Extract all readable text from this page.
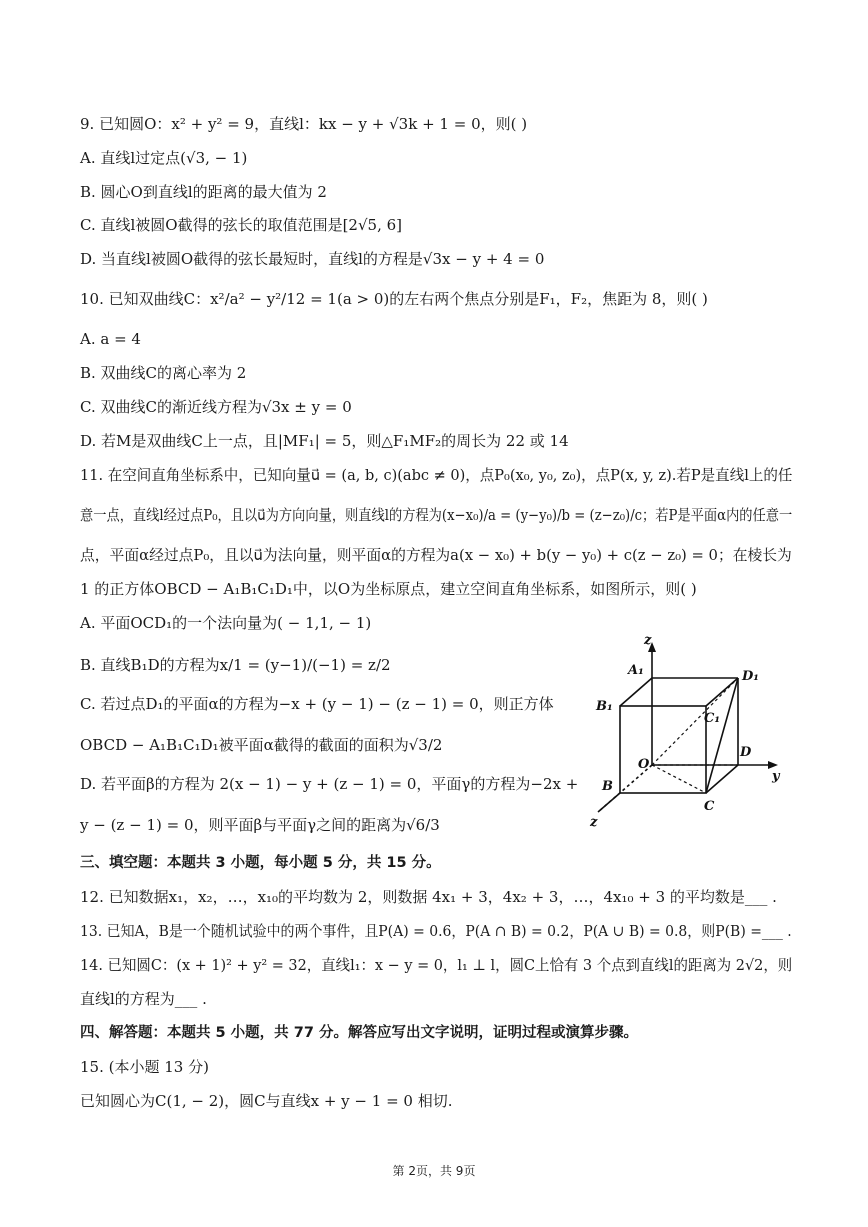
9. 已知圆O：x² + y² = 9，直线l：kx − y + √3k + 1 = 0，则( )
A. 直线l过定点(√3, − 1)
B. 圆心O到直线l的距离的最大值为 2
C. 直线l被圆O截得的弦长的取值范围是[2√5, 6]
D. 当直线l被圆O截得的弦长最短时，直线l的方程是√3x − y + 4 = 0
10. 已知双曲线C：x²/a² − y²/12 = 1(a > 0)的左右两个焦点分别是F₁，F₂，焦距为 8，则( )
A. a = 4
B. 双曲线C的离心率为 2
C. 双曲线C的渐近线方程为√3x ± y = 0
D. 若M是双曲线C上一点，且|MF₁| = 5，则△F₁MF₂的周长为 22 或 14
11. 在空间直角坐标系中，已知向量u⃗ = (a, b, c)(abc ≠ 0)，点P₀(x₀, y₀, z₀)，点P(x, y, z).若P是直线l上的任
意一点，直线l经过点P₀，且以u⃗为方向向量，则直线l的方程为(x−x₀)/a = (y−y₀)/b = (z−z₀)/c；若P是平面α内的任意一
点，平面α经过点P₀，且以u⃗为法向量，则平面α的方程为a(x − x₀) + b(y − y₀) + c(z − z₀) = 0；在棱长为
1 的正方体OBCD − A₁B₁C₁D₁中，以O为坐标原点，建立空间直角坐标系，如图所示，则( )
A. 平面OCD₁的一个法向量为( − 1,1, − 1)
B. 直线B₁D的方程为x/1 = (y−1)/(−1) = z/2
C. 若过点D₁的平面α的方程为−x + (y − 1) − (z − 1) = 0，则正方体
OBCD − A₁B₁C₁D₁被平面α截得的截面的面积为√3/2
D. 若平面β的方程为 2(x − 1) − y + (z − 1) = 0，平面γ的方程为−2x +
y − (z − 1) = 0，则平面β与平面γ之间的距离为√6/3
z
A₁	D₁
B₁
C₁
O
D
y
B
C
z
三、填空题：本题共 3 小题，每小题 5 分，共 15 分。
12. 已知数据x₁，x₂，…，x₁₀的平均数为 2，则数据 4x₁ + 3，4x₂ + 3，…，4x₁₀ + 3 的平均数是___ .
13. 已知A，B是一个随机试验中的两个事件，且P(A) = 0.6，P(A ∩ B) = 0.2，P(A ∪ B) = 0.8，则P(B) =___ .
14. 已知圆C：(x + 1)² + y² = 32，直线l₁：x − y = 0，l₁ ⊥ l，圆C上恰有 3 个点到直线l的距离为 2√2，则
直线l的方程为___ .
四、解答题：本题共 5 小题，共 77 分。解答应写出文字说明，证明过程或演算步骤。
15. (本小题 13 分)
已知圆心为C(1, − 2)，圆C与直线x + y − 1 = 0 相切.
第 2页，共 9页
